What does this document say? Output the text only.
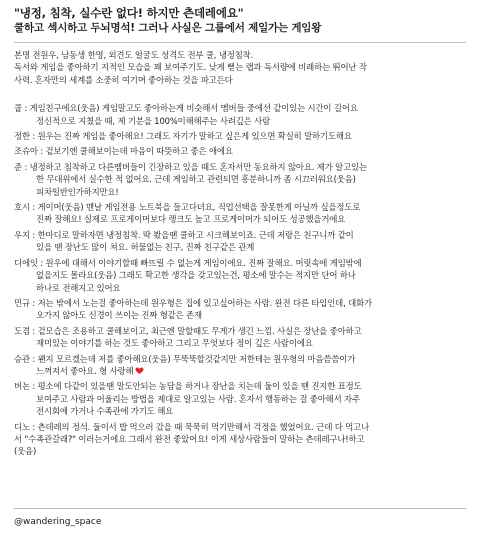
"냉정, 침착, 실수란 없다! 하지만 츤데레에요"

쿨하고 섹시하고 두뇌명석! 그러나 사실은 그룹에서 제일가는 게임왕

본명 전원우, 남동생 한명, 외견도 얼굴도 성격도 전부 쿨, 냉정침착.
독서와 게임을 좋아하기 지적인 모습을 꽤 보여주기도. 낮게 뻗는 랩과 독서량에 비례하는 뛰어난 작
사력. 혼자만의 세계를 소중히 여기며 좋아하는 것을 파고든다
쿱 : 게임친구에요(웃음) 게임말고도 좋아하는게 비슷해서 멤버들 중에선 같이있는 시간이 길어요
정신적으로 지쳤을 때, 제 기분을 100%이해해주는 사려깊은 사람
정한 : 원우는 진짜 게임을 좋아해요! 그래도 자기가 말하고 싶은게 있으면 확실히 말하기도해요
조슈아 : 겉보기엔 쿨해보이는데 마음이 따뜻하고 좋은 애에요
준 : 냉정하고 침착하고 다른멤버들이 긴장하고 있을 때도 혼자서만 동요하지 않아요. 제가 알고있는
한 무대위에서 실수한 적 없어요. 근데 게임하고 관련되면 흥분하니까 좀 시끄러워요(웃음)
피차일반인가하지만요!
호시 : 게이머(웃음) 맨날 게임전용 노트북을 들고다녀요, 직업선택을 잘못한게 아닐까 싶을정도로
진짜 잘해요! 실제로 프로게이머보다 랭크도 높고 프로게이머가 되어도 성공했을거에요
우지 : 한마디로 말하자면 냉정침착. 딱 봤을땐 쿨하고 시크해보이죠. 근데 저랑은 친구니까 같이
있을 땐 장난도 많이 쳐요. 허물없는 친구, 진짜 친구같은 관계
디에잇 : 원우에 대해서 이야기할때 빠뜨릴 수 없는게 게임이에요. 진짜 잘해요. 머릿속에 게임밖에
없을지도 몰라요(웃음) 그래도 확고한 생각을 갖고있는건, 평소에 말수는 적지만 단어 하나
하나로 전해지고 있어요
민규 : 저는 밖에서 노는걸 좋아하는데 원우형은 집에 있고싶어하는 사람. 완전 다른 타입인데, 대화가
오가지 않아도 신경이 쓰이는 진짜 형같은 존재
도겸 : 겉모습은 조용하고 쿨해보이고, 최근엔 말할때도 무게가 생긴 느낌. 사실은 장난을 좋아하고
재미있는 이야기를 하는 것도 좋아하고 그리고 무엇보다 정이 깊은 사람이에요
승관 : 왠지 모르겠는데 저를 좋아해요(웃음) 무뚝뚝할것같지만 저한테는 원우형의 마음씀씀이가
느껴져서 좋아요. 형 사랑해
버논 : 평소에 다같이 있을땐 말도안되는 농담을 하거나 장난을 치는데 둘이 있을 땐 진지한 표정도
보여주고 사람과 어울리는 방법을 제대로 알고있는 사람. 혼자서 행동하는 걸 좋아해서 자주
전시회에 가거나 수족관에 가기도 해요
디노 : 츤데레의 정석. 둘이서 밥 먹으러 갔을 때 묵묵히 먹기만해서 걱정을 했었어요. 근데 다 먹고나
서 "수족관갈래?" 이러는거에요 그래서 완전 좋았어요! 이게 세상사람들이 말하는 츤데레구나!하고
(웃음)
@wandering_space
